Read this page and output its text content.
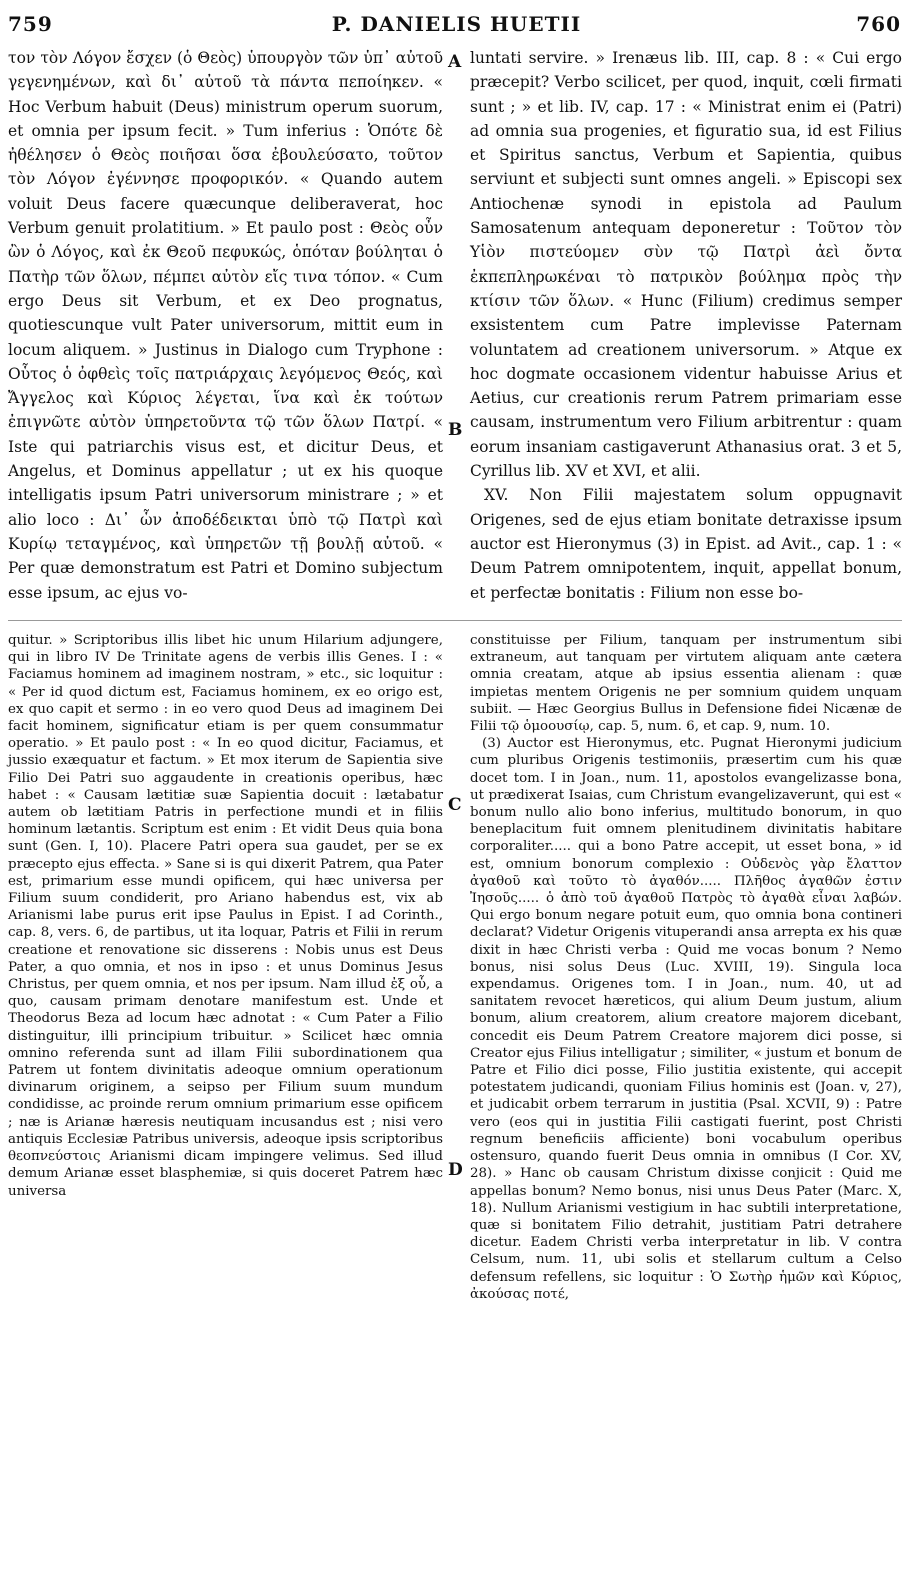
P. DANIELIS HUETII
759	760

τον τὸν Λόγον ἔσχεν (ὁ Θεὸς) ὑπουργὸν τῶν ὑπ᾽ αὐτοῦ γεγενημένων, καὶ δι᾽ αὐτοῦ τὰ πάντα πεποίηκεν. « Hoc Verbum habuit (Deus) ministrum operum suorum, et omnia per ipsum fecit. » Tum inferius : Ὁπότε δὲ ἠθέλησεν ὁ Θεὸς ποιῆσαι ὅσα ἐβουλεύσατο, τοῦτον τὸν Λόγον ἐγέννησε προφορικόν. « Quando autem voluit Deus facere quæcunque deliberaverat, hoc Verbum genuit prolatitium. » Et paulo post : Θεὸς οὖν ὢν ὁ Λόγος, καὶ ἐκ Θεοῦ πεφυκώς, ὁπόταν βούληται ὁ Πατὴρ τῶν ὅλων, πέμπει αὐτὸν εἴς τινα τόπον. « Cum ergo Deus sit Verbum, et ex Deo prognatus, quotiescunque vult Pater universorum, mittit eum in locum aliquem. » Justinus in Dialogo cum Tryphone : Οὗτος ὁ ὀφθεὶς τοῖς πατριάρχαις λεγόμενος Θεός, καὶ Ἄγγελος καὶ Κύριος λέγεται, ἵνα καὶ ἐκ τούτων ἐπιγνῶτε αὐτὸν ὑπηρετοῦντα τῷ τῶν ὅλων Πατρί. « Iste qui patriarchis visus est, et dicitur Deus, et Angelus, et Dominus appellatur ; ut ex his quoque intelligatis ipsum Patri universorum ministrare ; » et alio loco : Δι᾽ ὧν ἀποδέδεικται ὑπὸ τῷ Πατρὶ καὶ Κυρίῳ τεταγμένος, καὶ ὑπηρετῶν τῇ βουλῇ αὐτοῦ. « Per quæ demonstratum est Patri et Domino subjectum esse ipsum, ac ejus vo-

luntati servire. » Irenæus lib. III, cap. 8 : « Cui ergo præcepit? Verbo scilicet, per quod, inquit, cœli firmati sunt ; » et lib. IV, cap. 17 : « Ministrat enim ei (Patri) ad omnia sua progenies, et figuratio sua, id est Filius et Spiritus sanctus, Verbum et Sapientia, quibus serviunt et subjecti sunt omnes angeli. » Episcopi sex Antiochenæ synodi in epistola ad Paulum Samosatenum antequam deponeretur : Τοῦτον τὸν Υἱὸν πιστεύομεν σὺν τῷ Πατρὶ ἀεὶ ὄντα ἐκπεπληρωκέναι τὸ πατρικὸν βούλημα πρὸς τὴν κτίσιν τῶν ὅλων. « Hunc (Filium) credimus semper exsistentem cum Patre implevisse Paternam voluntatem ad creationem universorum. » Atque ex hoc dogmate occasionem videntur habuisse Arius et Aetius, cur creationis rerum Patrem primariam esse causam, instrumentum vero Filium arbitrentur : quam eorum insaniam castigaverunt Athanasius orat. 3 et 5, Cyrillus lib. XV et XVI, et alii.

XV. Non Filii majestatem solum oppugnavit Origenes, sed de ejus etiam bonitate detraxisse ipsum auctor est Hieronymus (3) in Epist. ad Avit., cap. 1 : « Deum Patrem omnipotentem, inquit, appellat bonum, et perfectæ bonitatis : Filium non esse bo-

quitur. » Scriptoribus illis libet hic unum Hilarium adjungere, qui in libro IV De Trinitate agens de verbis illis Genes. I : « Faciamus hominem ad imaginem nostram, » etc., sic loquitur : « Per id quod dictum est, Faciamus hominem, ex eo origo est, ex quo capit et sermo : in eo vero quod Deus ad imaginem Dei facit hominem, significatur etiam is per quem consummatur operatio. » Et paulo post : « In eo quod dicitur, Faciamus, et jussio exæquatur et factum. » Et mox iterum de Sapientia sive Filio Dei Patri suo aggaudente in creationis operibus, hæc habet : « Causam lætitiæ suæ Sapientia docuit : lætabatur autem ob lætitiam Patris in perfectione mundi et in filiis hominum lætantis. Scriptum est enim : Et vidit Deus quia bona sunt (Gen. I, 10). Placere Patri opera sua gaudet, per se ex præcepto ejus effecta. » Sane si is qui dixerit Patrem, qua Pater est, primarium esse mundi opificem, qui hæc universa per Filium suum condiderit, pro Ariano habendus est, vix ab Arianismi labe purus erit ipse Paulus in Epist. I ad Corinth., cap. 8, vers. 6, de partibus, ut ita loquar, Patris et Filii in rerum creatione et renovatione sic disserens : Nobis unus est Deus Pater, a quo omnia, et nos in ipso : et unus Dominus Jesus Christus, per quem omnia, et nos per ipsum. Nam illud ἐξ οὗ, a quo, causam primam denotare manifestum est. Unde et Theodorus Beza ad locum hæc adnotat : « Cum Pater a Filio distinguitur, illi principium tribuitur. » Scilicet hæc omnia omnino referenda sunt ad illam Filii subordinationem qua Patrem ut fontem divinitatis adeoque omnium operationum divinarum originem, a seipso per Filium suum mundum condidisse, ac proinde rerum omnium primarium esse opificem ; næ is Arianæ hæresis neutiquam incusandus est ; nisi vero antiquis Ecclesiæ Patribus universis, adeoque ipsis scriptoribus θεοπνεύστοις Arianismi dicam impingere velimus. Sed illud demum Arianæ esset blasphemiæ, si quis doceret Patrem hæc universa

constituisse per Filium, tanquam per instrumentum sibi extraneum, aut tanquam per virtutem aliquam ante cætera omnia creatam, atque ab ipsius essentia alienam : quæ impietas mentem Origenis ne per somnium quidem unquam subiit. — Hæc Georgius Bullus in Defensione fidei Nicænæ de Filii τῷ ὁμοουσίῳ, cap. 5, num. 6, et cap. 9, num. 10.

(3) Auctor est Hieronymus, etc. Pugnat Hieronymi judicium cum pluribus Origenis testimoniis, præsertim cum his quæ docet tom. I in Joan., num. 11, apostolos evangelizasse bona, ut prædixerat Isaias, cum Christum evangelizaverunt, qui est « bonum nullo alio bono inferius, multitudo bonorum, in quo beneplacitum fuit omnem plenitudinem divinitatis habitare corporaliter..... qui a bono Patre accepit, ut esset bona, » id est, omnium bonorum complexio : Οὐδενὸς γὰρ ἔλαττον ἀγαθοῦ καὶ τοῦτο τὸ ἀγαθόν..... Πλῆθος ἀγαθῶν ἐστιν Ἰησοῦς..... ὁ ἀπὸ τοῦ ἀγαθοῦ Πατρὸς τὸ ἀγαθὰ εἶναι λαβών. Qui ergo bonum negare potuit eum, quo omnia bona contineri declarat? Videtur Origenis vituperandi ansa arrepta ex his quæ dixit in hæc Christi verba : Quid me vocas bonum ? Nemo bonus, nisi solus Deus (Luc. XVIII, 19). Singula loca expendamus. Origenes tom. I in Joan., num. 40, ut ad sanitatem revocet hæreticos, qui alium Deum justum, alium bonum, alium creatorem, alium creatore majorem dicebant, concedit eis Deum Patrem Creatore majorem dici posse, si Creator ejus Filius intelligatur ; similiter, « justum et bonum de Patre et Filio dici posse, Filio justitia existente, qui accepit potestatem judicandi, quoniam Filius hominis est (Joan. v, 27), et judicabit orbem terrarum in justitia (Psal. XCVII, 9) : Patre vero (eos qui in justitia Filii castigati fuerint, post Christi regnum beneficiis afficiente) boni vocabulum operibus ostensuro, quando fuerit Deus omnia in omnibus (I Cor. XV, 28). » Hanc ob causam Christum dixisse conjicit : Quid me appellas bonum? Nemo bonus, nisi unus Deus Pater (Marc. X, 18). Nullum Arianismi vestigium in hac subtili interpretatione, quæ si bonitatem Filio detrahit, justitiam Patri detrahere dicetur. Eadem Christi verba interpretatur in lib. V contra Celsum, num. 11, ubi solis et stellarum cultum a Celso defensum refellens, sic loquitur : Ὁ Σωτὴρ ἡμῶν καὶ Κύριος, ἀκούσας ποτέ,

A
B
C
D
